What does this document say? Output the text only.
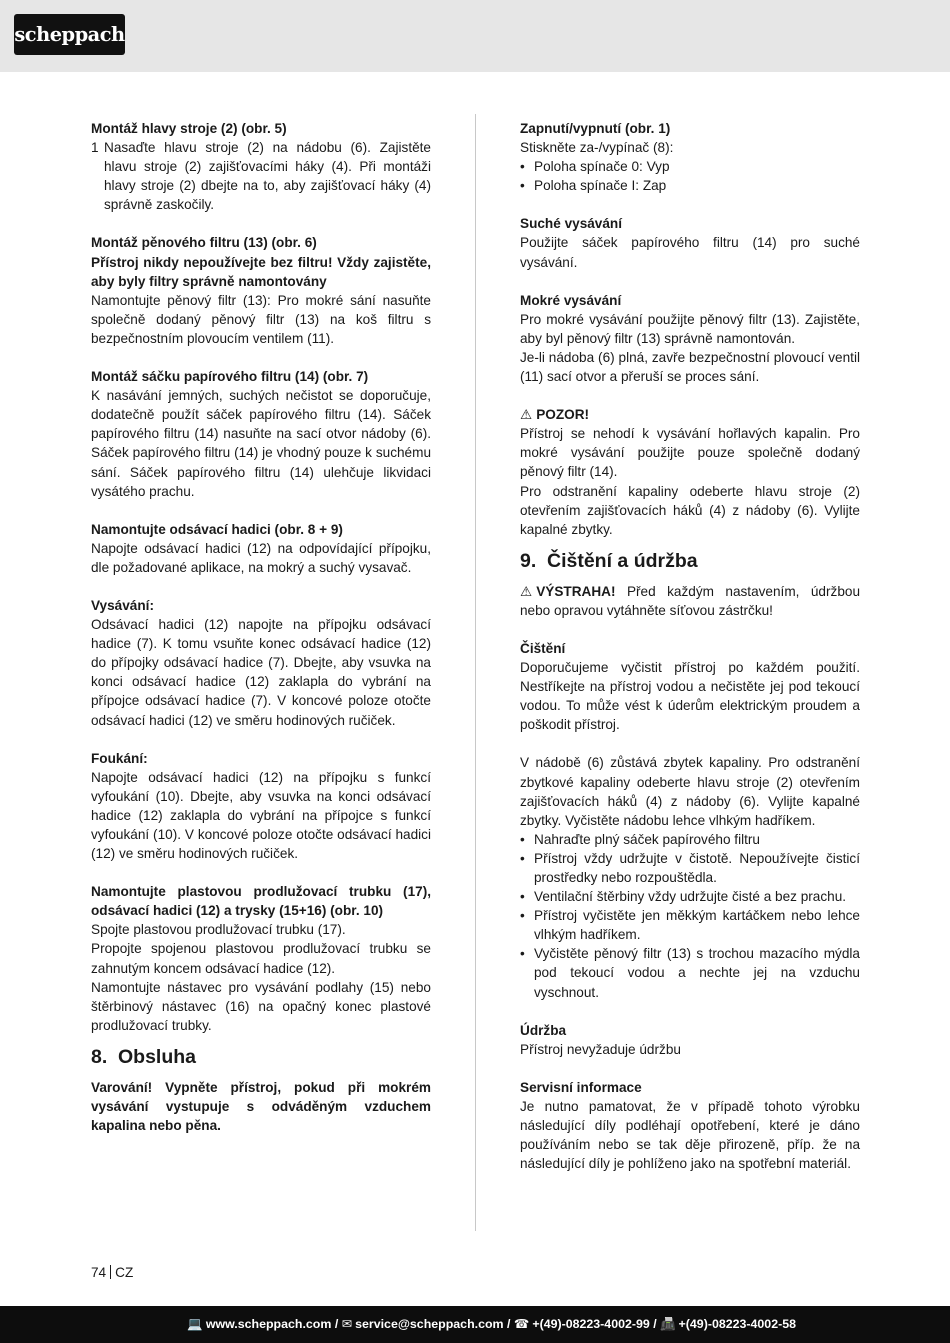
scheppach

Montáž hlavy stroje (2) (obr. 5)

1 Nasaďte hlavu stroje (2) na nádobu (6). Zajistěte hlavu stroje (2) zajišťovacími háky (4). Při montáži hlavy stroje (2) dbejte na to, aby zajišťovací háky (4) správně zaskočily.

Montáž pěnového filtru (13) (obr. 6)

Přístroj nikdy nepoužívejte bez filtru! Vždy zajistěte, aby byly filtry správně namontovány

Namontujte pěnový filtr (13): Pro mokré sání nasuňte společně dodaný pěnový filtr (13) na koš filtru s bezpečnostním plovoucím ventilem (11).

Montáž sáčku papírového filtru (14) (obr. 7)

K nasávání jemných, suchých nečistot se doporučuje, dodatečně použít sáček papírového filtru (14). Sáček papírového filtru (14) nasuňte na sací otvor nádoby (6). Sáček papírového filtru (14) je vhodný pouze k suchému sání. Sáček papírového filtru (14) ulehčuje likvidaci vysátého prachu.

Namontujte odsávací hadici (obr. 8 + 9)

Napojte odsávací hadici (12) na odpovídající přípojku, dle požadované aplikace, na mokrý a suchý vysavač.

Vysávání:

Odsávací hadici (12) napojte na přípojku odsávací hadice (7). K tomu vsuňte konec odsávací hadice (12) do přípojky odsávací hadice (7). Dbejte, aby vsuvka na konci odsávací hadice (12) zaklapla do vybrání na přípojce odsávací hadice (7). V koncové poloze otočte odsávací hadici (12) ve směru hodinových ručiček.

Foukání:

Napojte odsávací hadici (12) na přípojku s funkcí vyfoukání (10). Dbejte, aby vsuvka na konci odsávací hadice (12) zaklapla do vybrání na přípojce s funkcí vyfoukání (10). V koncové poloze otočte odsávací hadici (12) ve směru hodinových ručiček.

Namontujte plastovou prodlužovací trubku (17), odsávací hadici (12) a trysky (15+16) (obr. 10)

Spojte plastovou prodlužovací trubku (17).

Propojte spojenou plastovou prodlužovací trubku se zahnutým koncem odsávací hadice (12).

Namontujte nástavec pro vysávání podlahy (15) nebo štěrbinový nástavec (16) na opačný konec plastové prodlužovací trubky.

8. Obsluha

Varování! Vypněte přístroj, pokud při mokrém vysávání vystupuje s odváděným vzduchem kapalina nebo pěna.

Zapnutí/vypnutí (obr. 1)

Stiskněte za-/vypínač (8):

• Poloha spínače 0: Vyp
• Poloha spínače I: Zap

Suché vysávání

Použijte sáček papírového filtru (14) pro suché vysávání.

Mokré vysávání

Pro mokré vysávání použijte pěnový filtr (13). Zajistěte, aby byl pěnový filtr (13) správně namontován.

Je-li nádoba (6) plná, zavře bezpečnostní plovoucí ventil (11) sací otvor a přeruší se proces sání.

⚠ POZOR!

Přístroj se nehodí k vysávání hořlavých kapalin. Pro mokré vysávání použijte pouze společně dodaný pěnový filtr (14).

Pro odstranění kapaliny odeberte hlavu stroje (2) otevřením zajišťovacích háků (4) z nádoby (6). Vylijte kapalné zbytky.

9. Čištění a údržba

⚠ VÝSTRAHA! Před každým nastavením, údržbou nebo opravou vytáhněte síťovou zástrčku!

Čištění

Doporučujeme vyčistit přístroj po každém použití. Nestříkejte na přístroj vodou a nečistěte jej pod tekoucí vodou. To může vést k úderům elektrickým proudem a poškodit přístroj.

V nádobě (6) zůstává zbytek kapaliny. Pro odstranění zbytkové kapaliny odeberte hlavu stroje (2) otevřením zajišťovacích háků (4) z nádoby (6). Vylijte kapalné zbytky. Vyčistěte nádobu lehce vlhkým hadříkem.

• Nahraďte plný sáček papírového filtru
• Přístroj vždy udržujte v čistotě. Nepoužívejte čisticí prostředky nebo rozpouštědla.
• Ventilační štěrbiny vždy udržujte čisté a bez prachu.
• Přístroj vyčistěte jen měkkým kartáčkem nebo lehce vlhkým hadříkem.
• Vyčistěte pěnový filtr (13) s trochou mazacího mýdla pod tekoucí vodou a nechte jej na vzduchu vyschnout.

Údržba

Přístroj nevyžaduje údržbu

Servisní informace

Je nutno pamatovat, že v případě tohoto výrobku následující díly podléhají opotřebení, které je dáno používáním nebo se tak děje přirozeně, příp. že na následující díly je pohlíženo jako na spotřební materiál.

74 CZ
💻 www.scheppach.com / ✉ service@scheppach.com / ☎ +(49)-08223-4002-99 / 📠 +(49)-08223-4002-58
